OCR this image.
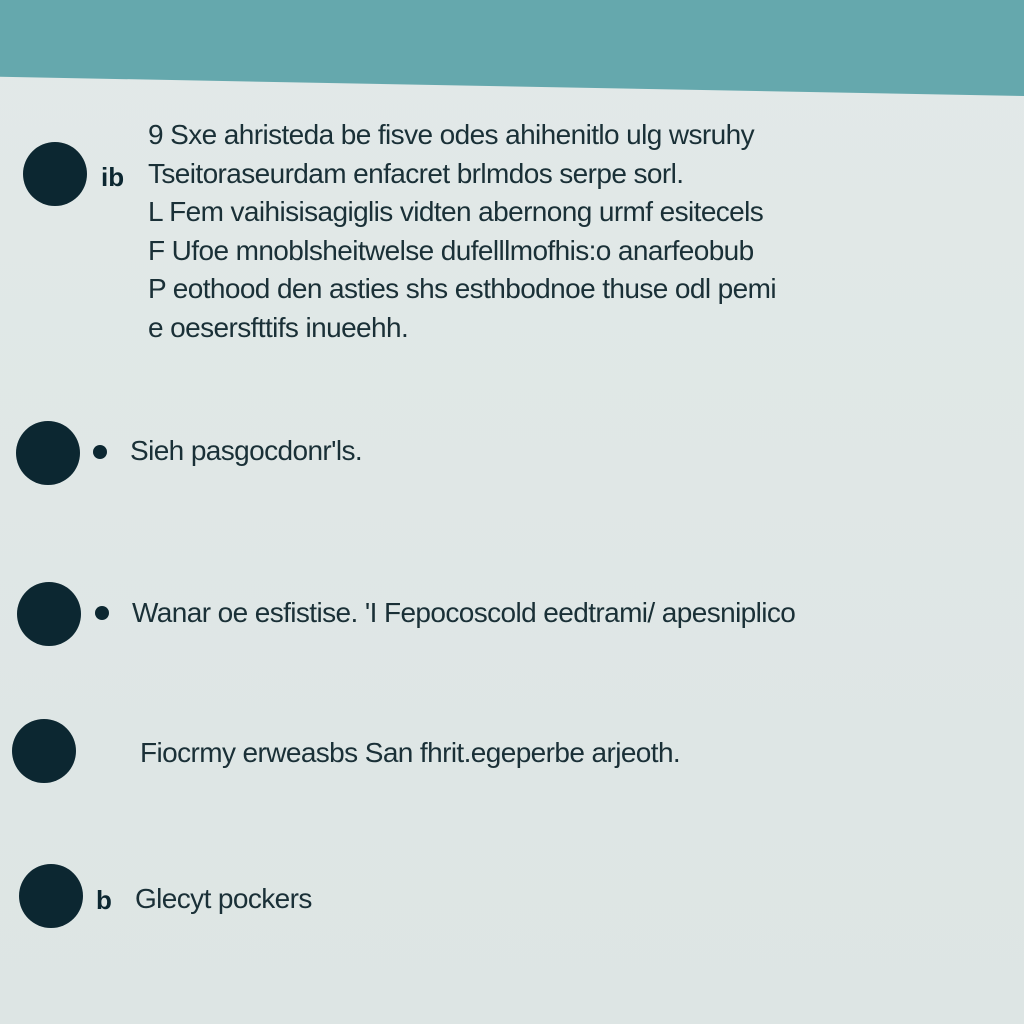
ib
9 Sxe ahristeda be fisve odes ahihenitlo ulg wsruhy
Tseitoraseurdam enfacret brlmdos serpe sorl.
L Fem vaihisisagiglis vidten abernong urmf esitecels
F Ufoe mnoblsheitwelse dufelllmofhis:o anarfeobub
P eothood den asties shs esthbodnoe thuse odl pemi
e oesersfttifs inueehh.
Sieh pasgocdonr'ls.
Wanar oe esfistise. 'I Fepocoscold eedtrami/ apesniplico
Fiocrmy erweasbs San fhrit.egeperbe arjeoth.
b Glecyt pockers
